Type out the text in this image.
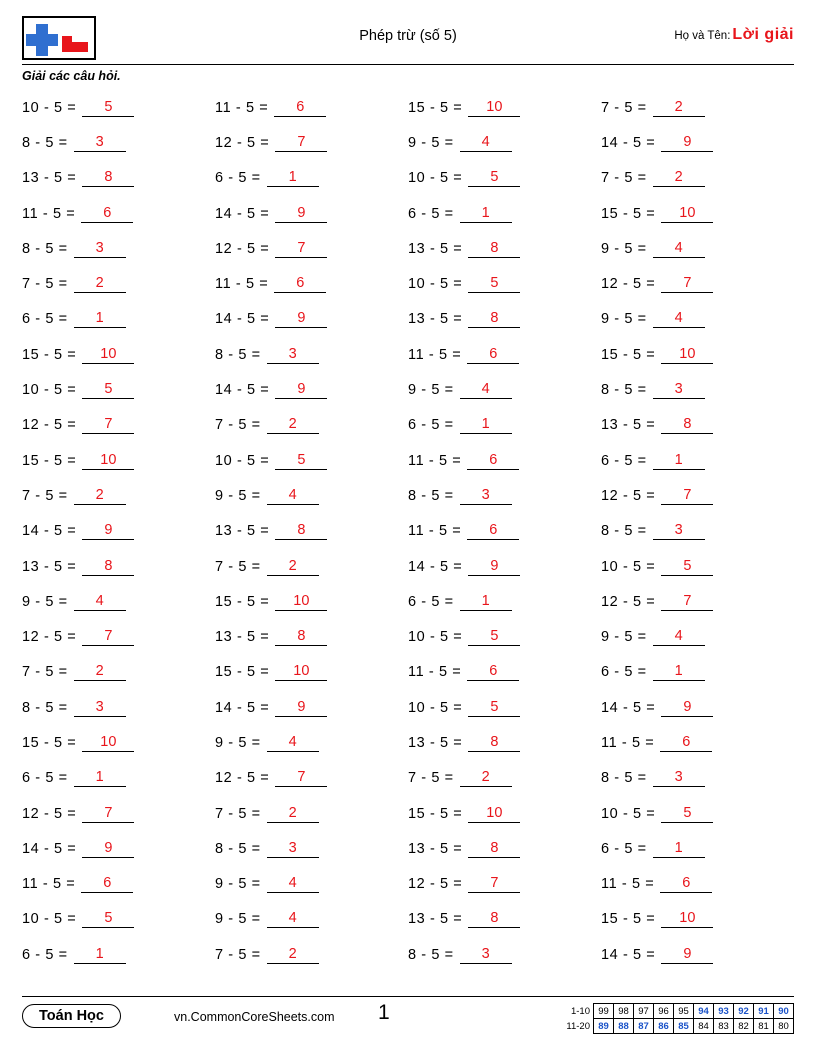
Phép trừ (số 5)	Họ và Tên: Lời giải
Giải các câu hỏi.
10 - 5 =	5	11 - 5 =	6	15 - 5 =	10	7 - 5 =	2
8 - 5 =	3	12 - 5 =	7	9 - 5 =	4	14 - 5 =	9
13 - 5 =	8	6 - 5 =	1	10 - 5 =	5	7 - 5 =	2
11 - 5 =	6	14 - 5 =	9	6 - 5 =	1	15 - 5 =	10
8 - 5 =	3	12 - 5 =	7	13 - 5 =	8	9 - 5 =	4
7 - 5 =	2	11 - 5 =	6	10 - 5 =	5	12 - 5 =	7
6 - 5 =	1	14 - 5 =	9	13 - 5 =	8	9 - 5 =	4
15 - 5 =	10	8 - 5 =	3	11 - 5 =	6	15 - 5 =	10
10 - 5 =	5	14 - 5 =	9	9 - 5 =	4	8 - 5 =	3
12 - 5 =	7	7 - 5 =	2	6 - 5 =	1	13 - 5 =	8
15 - 5 =	10	10 - 5 =	5	11 - 5 =	6	6 - 5 =	1
7 - 5 =	2	9 - 5 =	4	8 - 5 =	3	12 - 5 =	7
14 - 5 =	9	13 - 5 =	8	11 - 5 =	6	8 - 5 =	3
13 - 5 =	8	7 - 5 =	2	14 - 5 =	9	10 - 5 =	5
9 - 5 =	4	15 - 5 =	10	6 - 5 =	1	12 - 5 =	7
12 - 5 =	7	13 - 5 =	8	10 - 5 =	5	9 - 5 =	4
7 - 5 =	2	15 - 5 =	10	11 - 5 =	6	6 - 5 =	1
8 - 5 =	3	14 - 5 =	9	10 - 5 =	5	14 - 5 =	9
15 - 5 =	10	9 - 5 =	4	13 - 5 =	8	11 - 5 =	6
6 - 5 =	1	12 - 5 =	7	7 - 5 =	2	8 - 5 =	3
12 - 5 =	7	7 - 5 =	2	15 - 5 =	10	10 - 5 =	5
14 - 5 =	9	8 - 5 =	3	13 - 5 =	8	6 - 5 =	1
11 - 5 =	6	9 - 5 =	4	12 - 5 =	7	11 - 5 =	6
10 - 5 =	5	9 - 5 =	4	13 - 5 =	8	15 - 5 =	10
6 - 5 =	1	7 - 5 =	2	8 - 5 =	3	14 - 5 =	9
Toán Học	vn.CommonCoreSheets.com 1	1-10	99	98	97	96	95	94	93	92	91	90
11-20	89	88	87	86	85	84	83	82	81	80
